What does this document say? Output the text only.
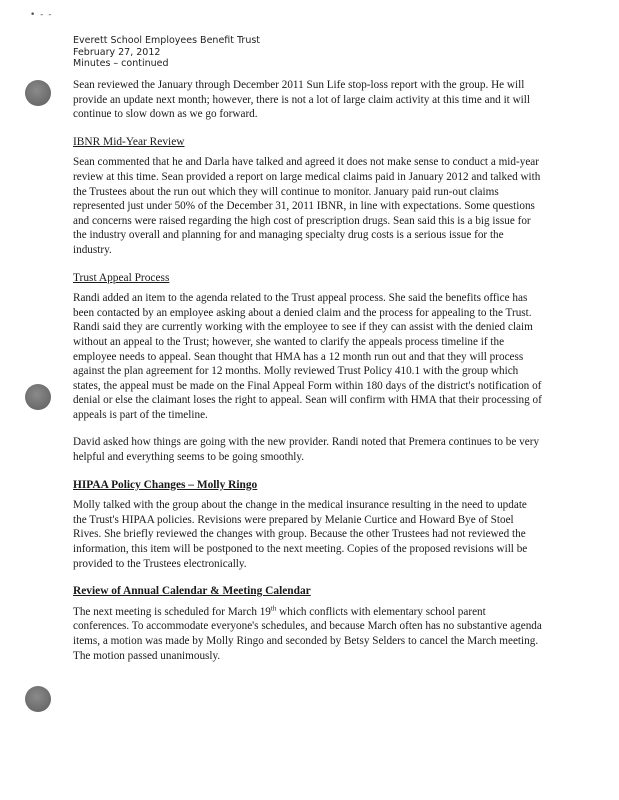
• ‑ ‑
Everett School Employees Benefit Trust
February 27, 2012
Minutes – continued

Sean reviewed the January through December 2011 Sun Life stop-loss report with the group. He will provide an update next month; however, there is not a lot of large claim activity at this time and it will continue to slow down as we go forward.

IBNR Mid-Year Review

Sean commented that he and Darla have talked and agreed it does not make sense to conduct a mid-year review at this time. Sean provided a report on large medical claims paid in January 2012 and talked with the Trustees about the run out which they will continue to monitor. January paid run-out claims represented just under 50% of the December 31, 2011 IBNR, in line with expectations. Some questions and concerns were raised regarding the high cost of prescription drugs. Sean said this is a big issue for the industry overall and planning for and managing specialty drug costs is a serious issue for the industry.

Trust Appeal Process

Randi added an item to the agenda related to the Trust appeal process. She said the benefits office has been contacted by an employee asking about a denied claim and the process for appealing to the Trust. Randi said they are currently working with the employee to see if they can assist with the denied claim without an appeal to the Trust; however, she wanted to clarify the appeals process timeline if the employee needs to appeal. Sean thought that HMA has a 12 month run out and that they will process against the plan agreement for 12 months. Molly reviewed Trust Policy 410.1 with the group which states, the appeal must be made on the Final Appeal Form within 180 days of the district's notification of denial or else the claimant loses the right to appeal. Sean will confirm with HMA that their processing of appeals is part of the timeline.

David asked how things are going with the new provider. Randi noted that Premera continues to be very helpful and everything seems to be going smoothly.

HIPAA Policy Changes – Molly Ringo

Molly talked with the group about the change in the medical insurance resulting in the need to update the Trust's HIPAA policies. Revisions were prepared by Melanie Curtice and Howard Bye of Stoel Rives. She briefly reviewed the changes with group. Because the other Trustees had not reviewed the information, this item will be postponed to the next meeting. Copies of the proposed revisions will be provided to the Trustees electronically.

Review of Annual Calendar & Meeting Calendar

The next meeting is scheduled for March 19th which conflicts with elementary school parent conferences. To accommodate everyone's schedules, and because March often has no substantive agenda items, a motion was made by Molly Ringo and seconded by Betsy Selders to cancel the March meeting. The motion passed unanimously.
